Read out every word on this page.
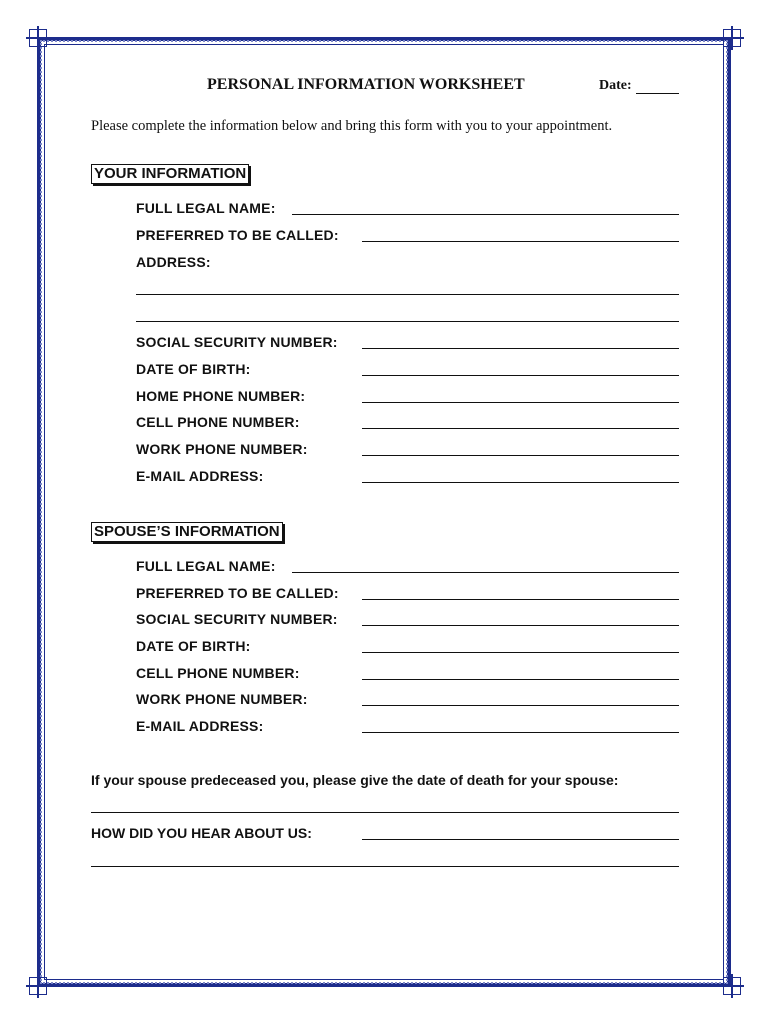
PERSONAL INFORMATION WORKSHEET	Date:
Please complete the information below and bring this form with you to your appointment.
YOUR INFORMATION
FULL LEGAL NAME:
PREFERRED TO BE CALLED:
ADDRESS:
SOCIAL SECURITY NUMBER:
DATE OF BIRTH:
HOME PHONE NUMBER:
CELL PHONE NUMBER:
WORK PHONE NUMBER:
E-MAIL ADDRESS:
SPOUSE’S INFORMATION
FULL LEGAL NAME:
PREFERRED TO BE CALLED:
SOCIAL SECURITY NUMBER:
DATE OF BIRTH:
CELL PHONE NUMBER:
WORK PHONE NUMBER:
E-MAIL ADDRESS:
If your spouse predeceased you, please give the date of death for your spouse:
HOW DID YOU HEAR ABOUT US:
